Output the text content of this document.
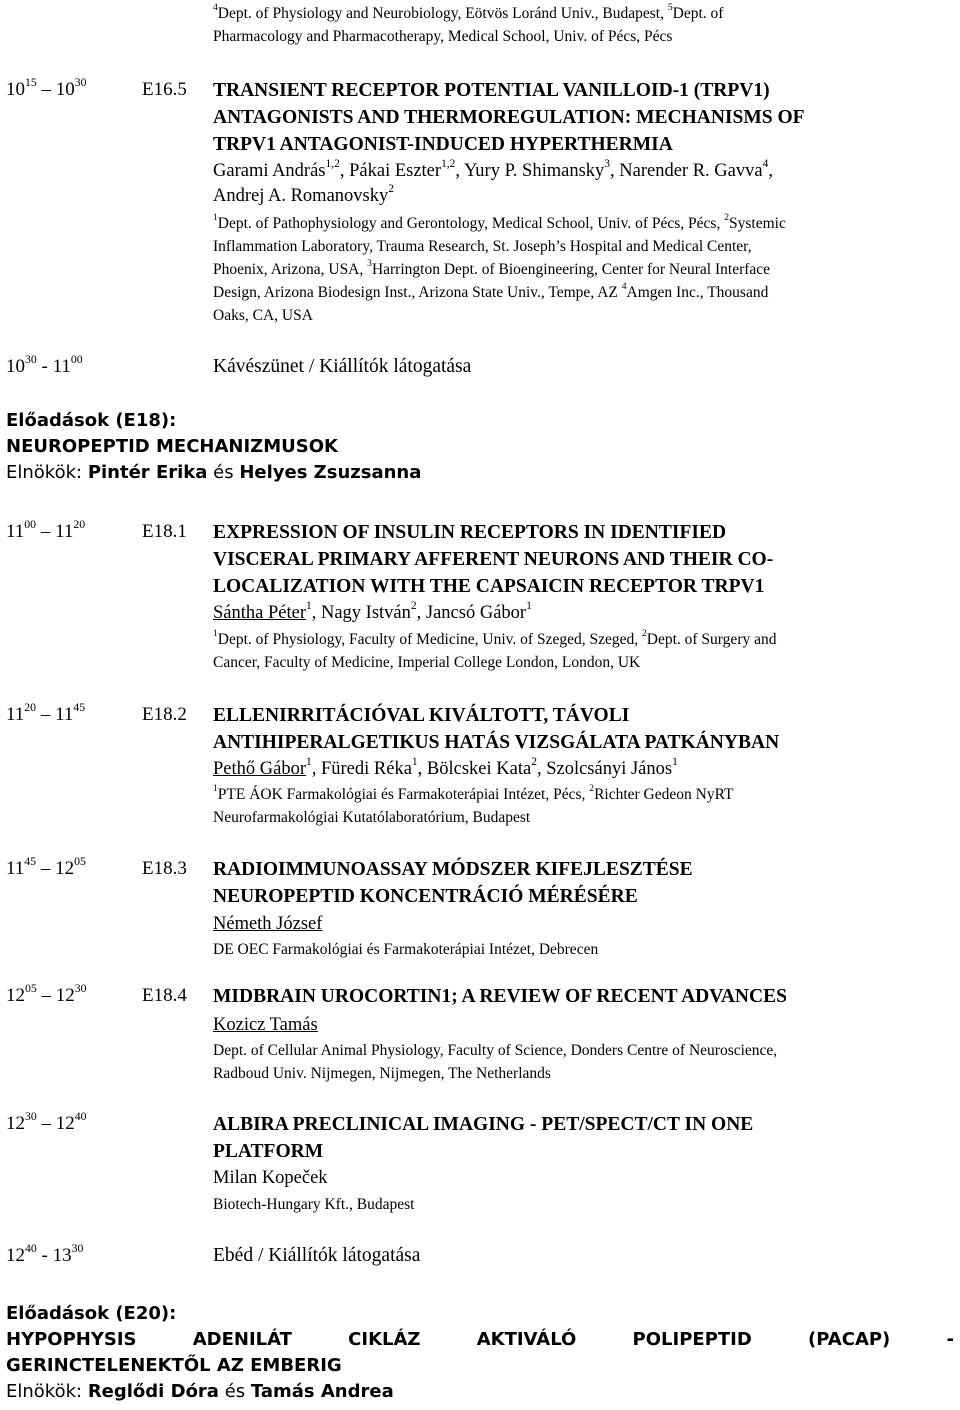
$^4$Dept. of Physiology and Neurobiology, Eötvös Loránd Univ., Budapest, $^5$Dept. of
Pharmacology and Pharmacotherapy, Medical School, Univ. of Pécs, Pécs
$10^{15} - 10^{30}$	E16.5 TRANSIENT RECEPTOR POTENTIAL VANILLOID-1 (TRPV1)
ANTAGONISTS AND THERMOREGULATION: MECHANISMS OF
TRPV1 ANTAGONIST-INDUCED HYPERTHERMIA
Garami András$^{1,2}$, Pákai Eszter$^{1,2}$, Yury P. Shimansky$^3$, Narender R. Gavva$^4$,
Andrej A. Romanovsky$^2$
$^1$Dept. of Pathophysiology and Gerontology, Medical School, Univ. of Pécs, Pécs, $^2$Systemic
Inflammation Laboratory, Trauma Research, St. Joseph’s Hospital and Medical Center,
Phoenix, Arizona, USA, $^3$Harrington Dept. of Bioengineering, Center for Neural Interface
Design, Arizona Biodesign Inst., Arizona State Univ., Tempe, AZ $^4$Amgen Inc., Thousand
Oaks, CA, USA
$10^{30} - 11^{00}$	Kávészünet / Kiállítók látogatása
Előadások (E18):
NEUROPEPTID MECHANIZMUSOK
Elnökök: Pintér Erika és Helyes Zsuzsanna
$11^{00} - 11^{20}$	E18.1 EXPRESSION OF INSULIN RECEPTORS IN IDENTIFIED
VISCERAL PRIMARY AFFERENT NEURONS AND THEIR CO-
LOCALIZATION WITH THE CAPSAICIN RECEPTOR TRPV1
Sántha Péter$^1$, Nagy István$^2$, Jancsó Gábor$^1$
$^1$Dept. of Physiology, Faculty of Medicine, Univ. of Szeged, Szeged, $^2$Dept. of Surgery and
Cancer, Faculty of Medicine, Imperial College London, London, UK
$11^{20} - 11^{45}$	E18.2 ELLENIRRITÁCIÓVAL KIVÁLTOTT, TÁVOLI
ANTIHIPERALGETIKUS HATÁS VIZSGÁLATA PATKÁNYBAN
Pethő Gábor$^1$, Füredi Réka$^1$, Bölcskei Kata$^2$, Szolcsányi János$^1$
$^1$PTE ÁOK Farmakológiai és Farmakoterápiai Intézet, Pécs, $^2$Richter Gedeon NyRT
Neurofarmakológiai Kutatólaboratórium, Budapest
$11^{45} - 12^{05}$	E18.3 RADIOIMMUNOASSAY MÓDSZER KIFEJLESZTÉSE
NEUROPEPTID KONCENTRÁCIÓ MÉRÉSÉRE
Németh József
DE OEC Farmakológiai és Farmakoterápiai Intézet, Debrecen
$12^{05} - 12^{30}$	E18.4 MIDBRAIN UROCORTIN1; A REVIEW OF RECENT ADVANCES
Kozicz Tamás
Dept. of Cellular Animal Physiology, Faculty of Science, Donders Centre of Neuroscience,
Radboud Univ. Nijmegen, Nijmegen, The Netherlands
$12^{30} - 12^{40}$	ALBIRA PRECLINICAL IMAGING - PET/SPECT/CT IN ONE
PLATFORM
Milan Kopeček
Biotech-Hungary Kft., Budapest
$12^{40} - 13^{30}$	Ebéd / Kiállítók látogatása
Előadások (E20):
HYPOPHYSIS	ADENILÁT	CIKLÁZ	AKTIVÁLÓ	POLIPEPTID	(PACAP)	-
GERINCTELENEKTŐL AZ EMBERIG
Elnökök: Reglődi Dóra és Tamás Andrea
